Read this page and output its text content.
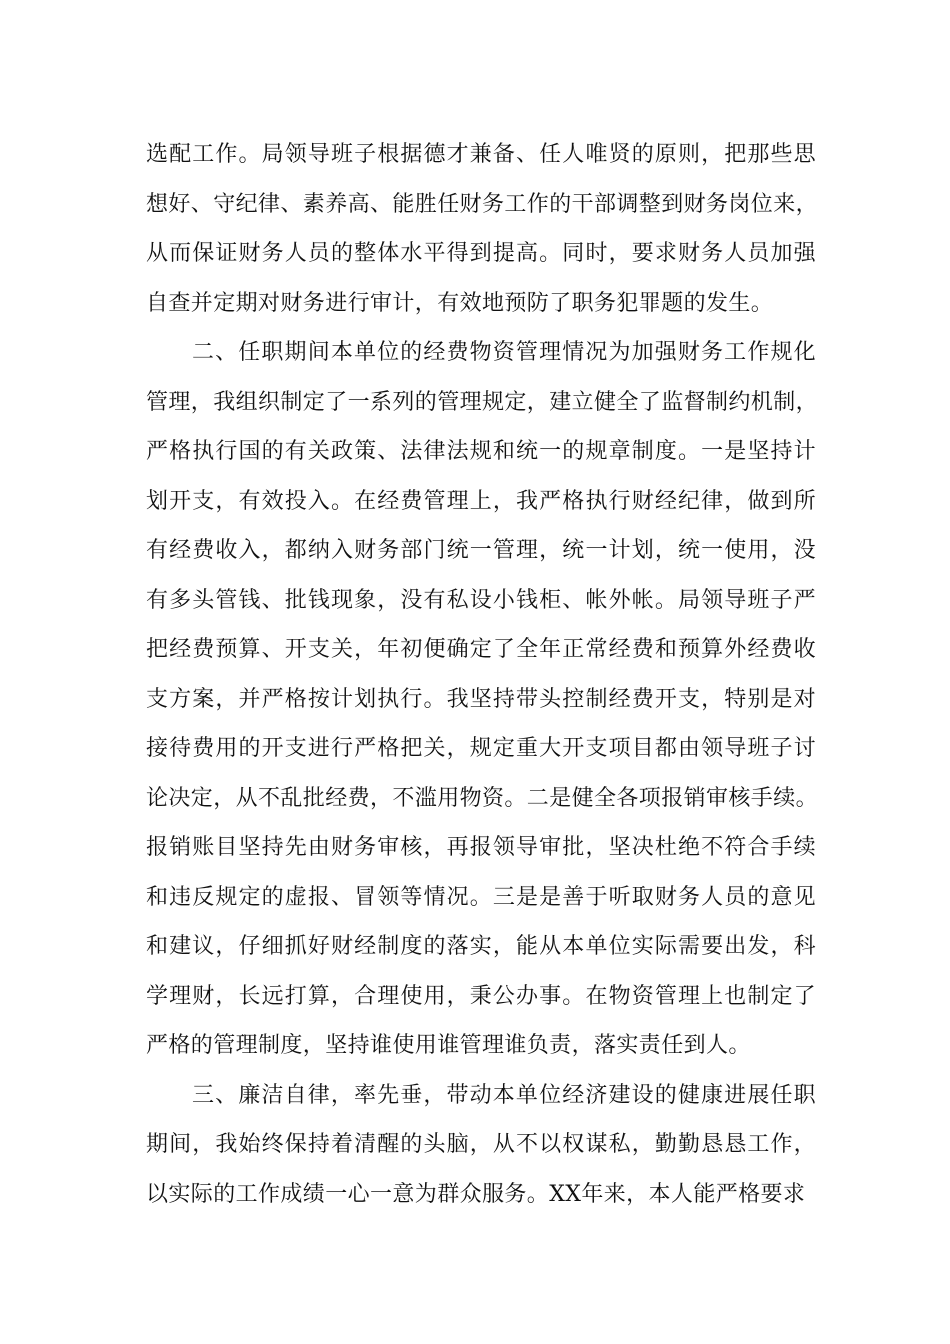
选配工作。局领导班子根据德才兼备、任人唯贤的原则，把那些思
想好、守纪律、素养高、能胜任财务工作的干部调整到财务岗位来，
从而保证财务人员的整体水平得到提高。同时，要求财务人员加强
自查并定期对财务进行审计，有效地预防了职务犯罪题的发生。
二、任职期间本单位的经费物资管理情况为加强财务工作规化
管理，我组织制定了一系列的管理规定，建立健全了监督制约机制，
严格执行国的有关政策、法律法规和统一的规章制度。一是坚持计
划开支，有效投入。在经费管理上，我严格执行财经纪律，做到所
有经费收入，都纳入财务部门统一管理，统一计划，统一使用，没
有多头管钱、批钱现象，没有私设小钱柜、帐外帐。局领导班子严
把经费预算、开支关，年初便确定了全年正常经费和预算外经费收
支方案，并严格按计划执行。我坚持带头控制经费开支，特别是对
接待费用的开支进行严格把关，规定重大开支项目都由领导班子讨
论决定，从不乱批经费，不滥用物资。二是健全各项报销审核手续。
报销账目坚持先由财务审核，再报领导审批，坚决杜绝不符合手续
和违反规定的虚报、冒领等情况。三是是善于听取财务人员的意见
和建议，仔细抓好财经制度的落实，能从本单位实际需要出发，科
学理财，长远打算，合理使用，秉公办事。在物资管理上也制定了
严格的管理制度，坚持谁使用谁管理谁负责，落实责任到人。
三、廉洁自律，率先垂，带动本单位经济建设的健康进展任职
期间，我始终保持着清醒的头脑，从不以权谋私，勤勤恳恳工作，
以实际的工作成绩一心一意为群众服务。XX年来，本人能严格要求
